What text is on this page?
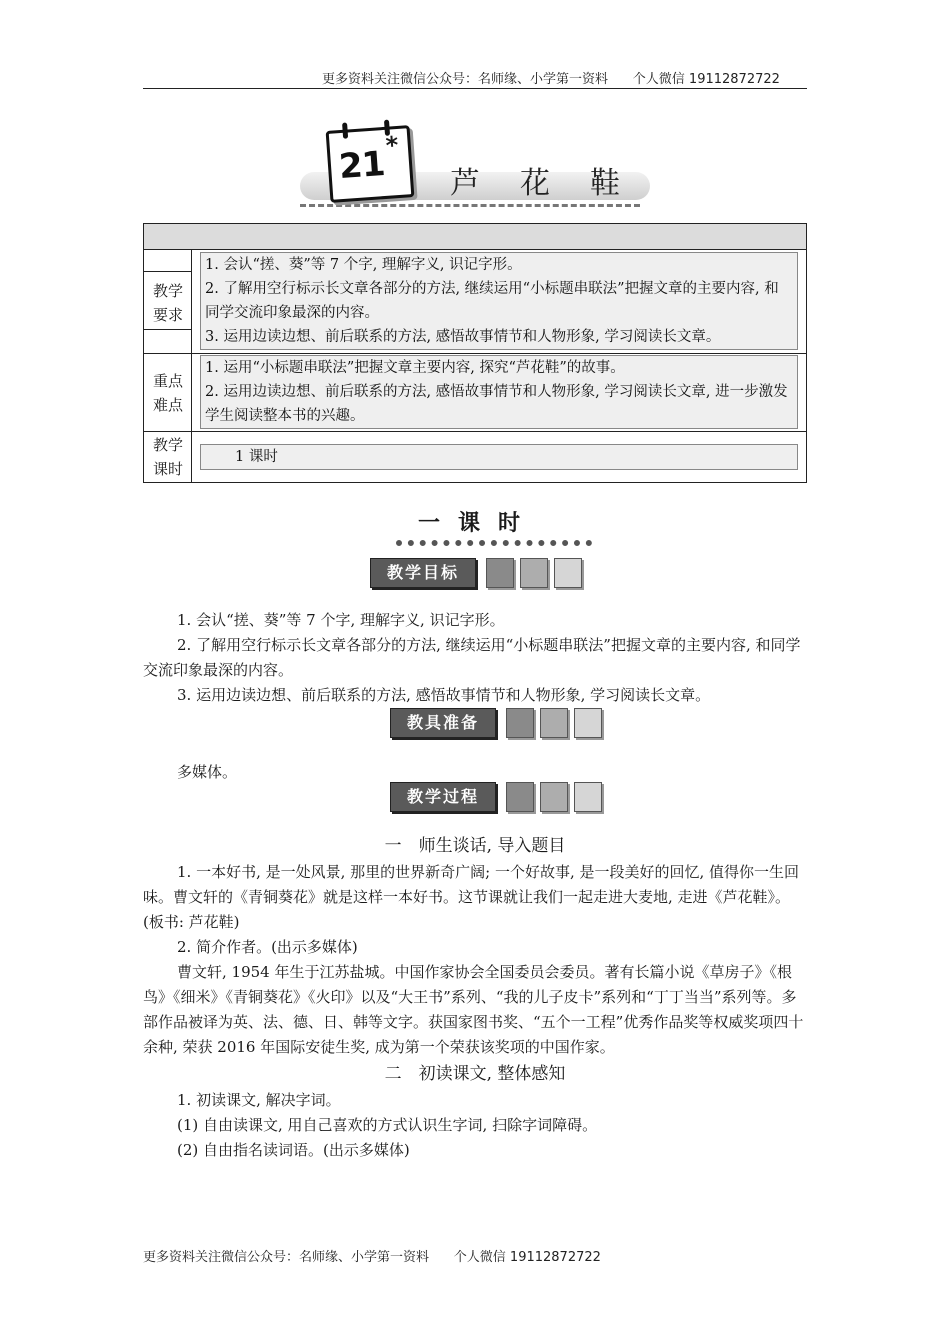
更多资料关注微信公众号：名师缘、小学第一资料      个人微信 19112872722
21 *
芦花鞋
教学要求

1. 会认“搓、葵”等 7 个字, 理解字义, 识记字形。

2. 了解用空行标示长文章各部分的方法, 继续运用“小标题串联法”把握文章的主要内容, 和同学交流印象最深的内容。

3. 运用边读边想、前后联系的方法, 感悟故事情节和人物形象, 学习阅读长文章。

重点难点

1. 运用“小标题串联法”把握文章主要内容, 探究“芦花鞋”的故事。

2. 运用边读边想、前后联系的方法, 感悟故事情节和人物形象, 学习阅读长文章, 进一步激发学生阅读整本书的兴趣。

教学课时

1 课时

一课时
教学目标

1. 会认“搓、葵”等 7 个字, 理解字义, 识记字形。

2. 了解用空行标示长文章各部分的方法, 继续运用“小标题串联法”把握文章的主要内容, 和同学交流印象最深的内容。

3. 运用边读边想、前后联系的方法, 感悟故事情节和人物形象, 学习阅读长文章。

教具准备

多媒体。

教学过程

一　师生谈话, 导入题目

1. 一本好书, 是一处风景, 那里的世界新奇广阔; 一个好故事, 是一段美好的回忆, 值得你一生回味。曹文轩的《青铜葵花》就是这样一本好书。这节课就让我们一起走进大麦地, 走进《芦花鞋》。(板书: 芦花鞋)

2. 简介作者。(出示多媒体)

曹文轩, 1954 年生于江苏盐城。中国作家协会全国委员会委员。著有长篇小说《草房子》《根鸟》《细米》《青铜葵花》《火印》以及“大王书”系列、“我的儿子皮卡”系列和“丁丁当当”系列等。多部作品被译为英、法、德、日、韩等文字。获国家图书奖、“五个一工程”优秀作品奖等权威奖项四十余种, 荣获 2016 年国际安徒生奖, 成为第一个荣获该奖项的中国作家。

二　初读课文, 整体感知

1. 初读课文, 解决字词。

(1) 自由读课文, 用自己喜欢的方式认识生字词, 扫除字词障碍。

(2) 自由指名读词语。(出示多媒体)

更多资料关注微信公众号：名师缘、小学第一资料      个人微信 19112872722
